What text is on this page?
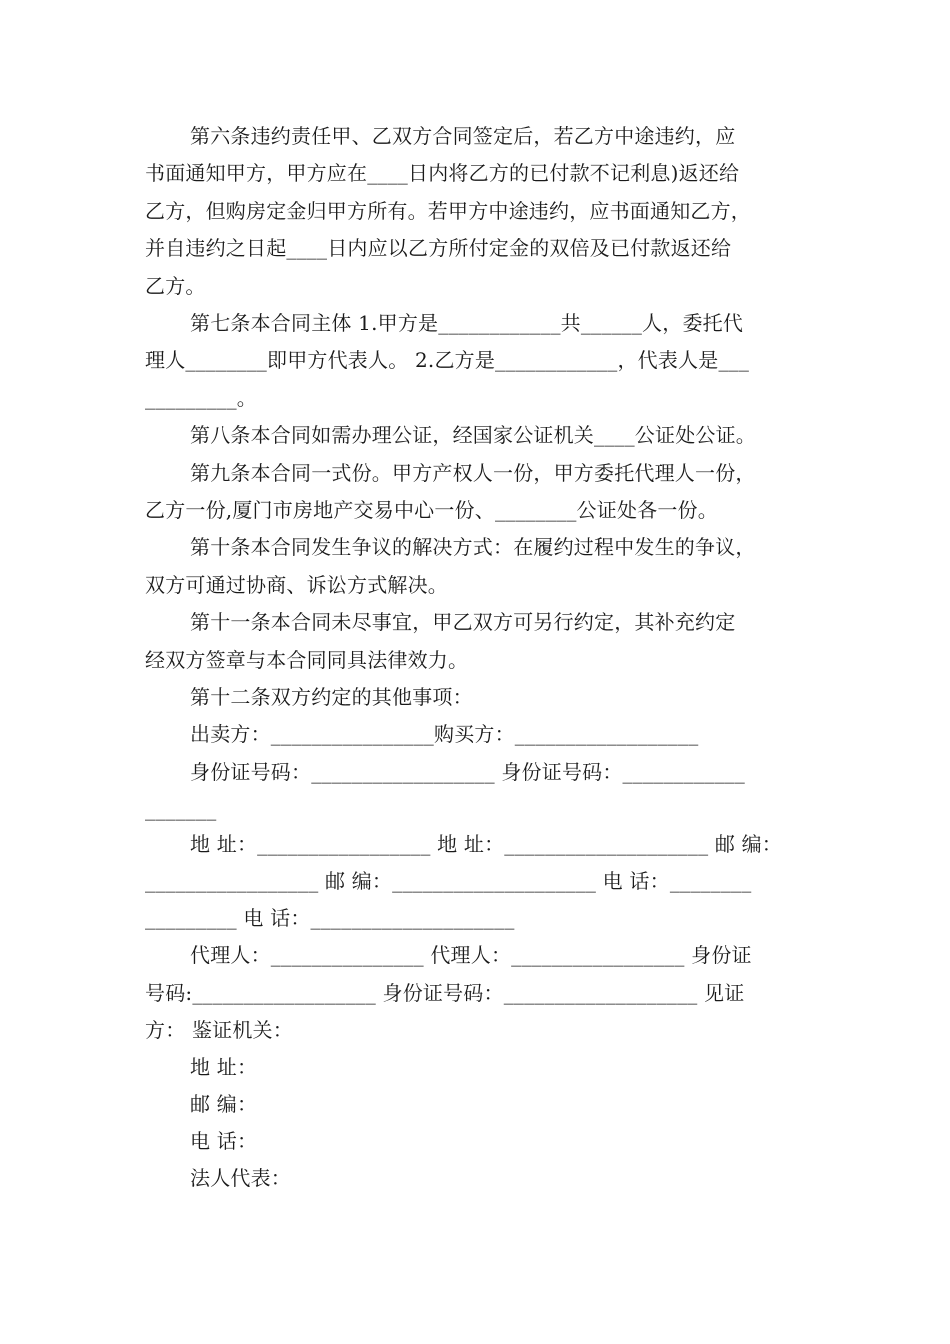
第六条违约责任甲、乙双方合同签定后，若乙方中途违约，应
书面通知甲方，甲方应在____日内将乙方的已付款不记利息)返还给
乙方，但购房定金归甲方所有。若甲方中途违约，应书面通知乙方，
并自违约之日起____日内应以乙方所付定金的双倍及已付款返还给
乙方。
第七条本合同主体 1.甲方是____________共______人，委托代
理人________即甲方代表人。 2.乙方是____________，代表人是___
_________。
第八条本合同如需办理公证，经国家公证机关____公证处公证。
第九条本合同一式份。甲方产权人一份，甲方委托代理人一份，
乙方一份,厦门市房地产交易中心一份、________公证处各一份。
第十条本合同发生争议的解决方式：在履约过程中发生的争议，
双方可通过协商、诉讼方式解决。
第十一条本合同未尽事宜，甲乙双方可另行约定，其补充约定
经双方签章与本合同同具法律效力。
第十二条双方约定的其他事项：
出卖方：________________购买方：__________________
身份证号码：__________________ 身份证号码：____________
_______
地 址：_________________ 地 址：____________________ 邮 编：
_________________ 邮 编：____________________ 电 话：________
_________ 电 话：____________________
代理人：_______________ 代理人：_________________ 身份证
号码:__________________ 身份证号码：___________________ 见证
方： 鉴证机关：
地 址：
邮 编：
电 话：
法人代表：
